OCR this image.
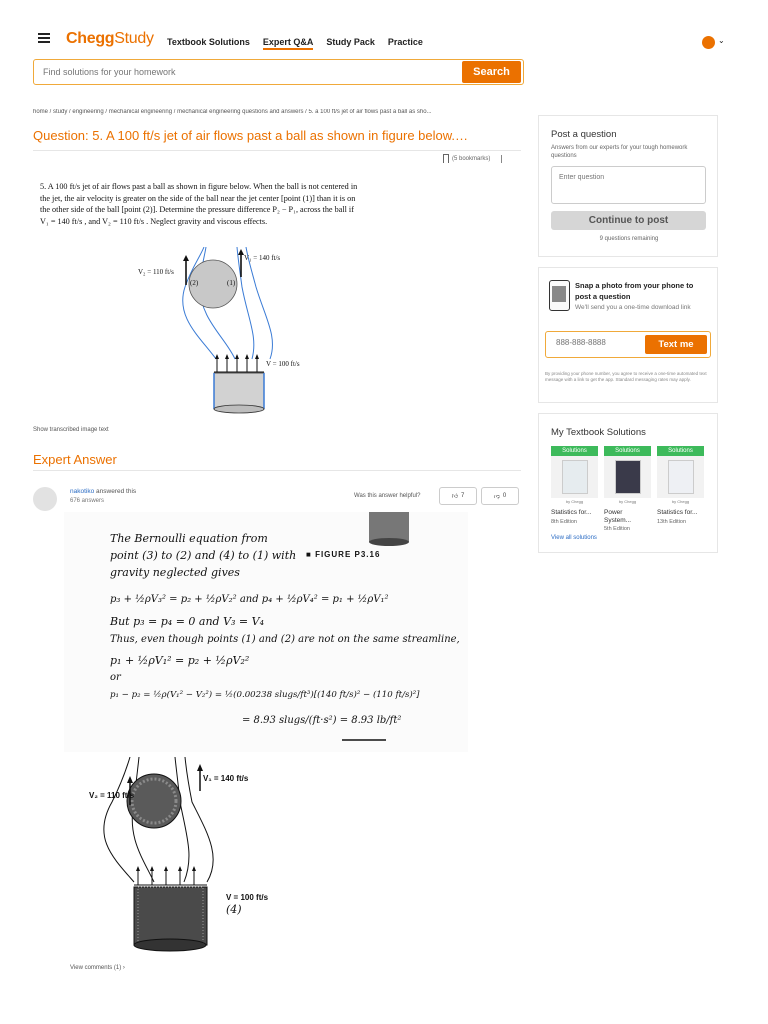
CheggStudy Textbook Solutions Expert Q&A Study Pack Practice	⌄
Find solutions for your homework
Search
home / study / engineering / mechanical engineering / mechanical engineering questions and answers / 5. a 100 ft/s jet of air flows past a ball as sho...
Question: 5. A 100 ft/s jet of air flows past a ball as shown in figure below.…
(5 bookmarks)
5. A 100 ft/s jet of air flows past a ball as shown in figure below. When the ball is not centered in
the jet, the air velocity is greater on the side of the ball near the jet center [point (1)] than it is on
the other side of the ball [point (2)]. Determine the pressure difference P₂ − P₁, across the ball if
V₁ = 140 ft/s , and V₂ = 110 ft/s . Neglect gravity and viscous effects.
(2)	(1)
V₂ = 110 ft/s
V₁ = 140 ft/s
V = 100 ft/s
Show transcribed image text
Expert Answer
nakotiko answered this
676 answers
Was this answer helpful?	👍︎ 7	👎︎ 0
■ FIGURE P3.16
The Bernoulli equation from
point (3) to (2) and (4) to (1) with
gravity neglected gives
p₃ + ½ρV₃² = p₂ + ½ρV₂² and p₄ + ½ρV₄² = p₁ + ½ρV₁²
But p₃ = p₄ = 0 and V₃ = V₄
Thus, even though points (1) and (2) are not on the same streamline,
p₁ + ½ρV₁² = p₂ + ½ρV₂²
or
p₁ − p₂ = ½ρ(V₁² − V₂²) = ½(0.00238 slugs/ft³)[(140 ft/s)² − (110 ft/s)²]
= 8.93 slugs/(ft·s²) = 8.93 lb/ft²
V₂ = 110 ft/s
V₁ = 140 ft/s
V = 100 ft/s
(4)
View comments (1) ›
Post a question
Answers from our experts for your tough homework questions
Enter question
Continue to post
9 questions remaining
Snap a photo from your phone to post a question
We'll send you a one-time download link
888-888-8888
Text me
By providing your phone number, you agree to receive a one-time automated text message with a link to get the app. Standard messaging rates may apply.
My Textbook Solutions
Solutions
by Chegg
Statistics for...
8th Edition
Solutions
by Chegg
Power System...
5th Edition
Solutions
by Chegg
Statistics for...
13th Edition
View all solutions
